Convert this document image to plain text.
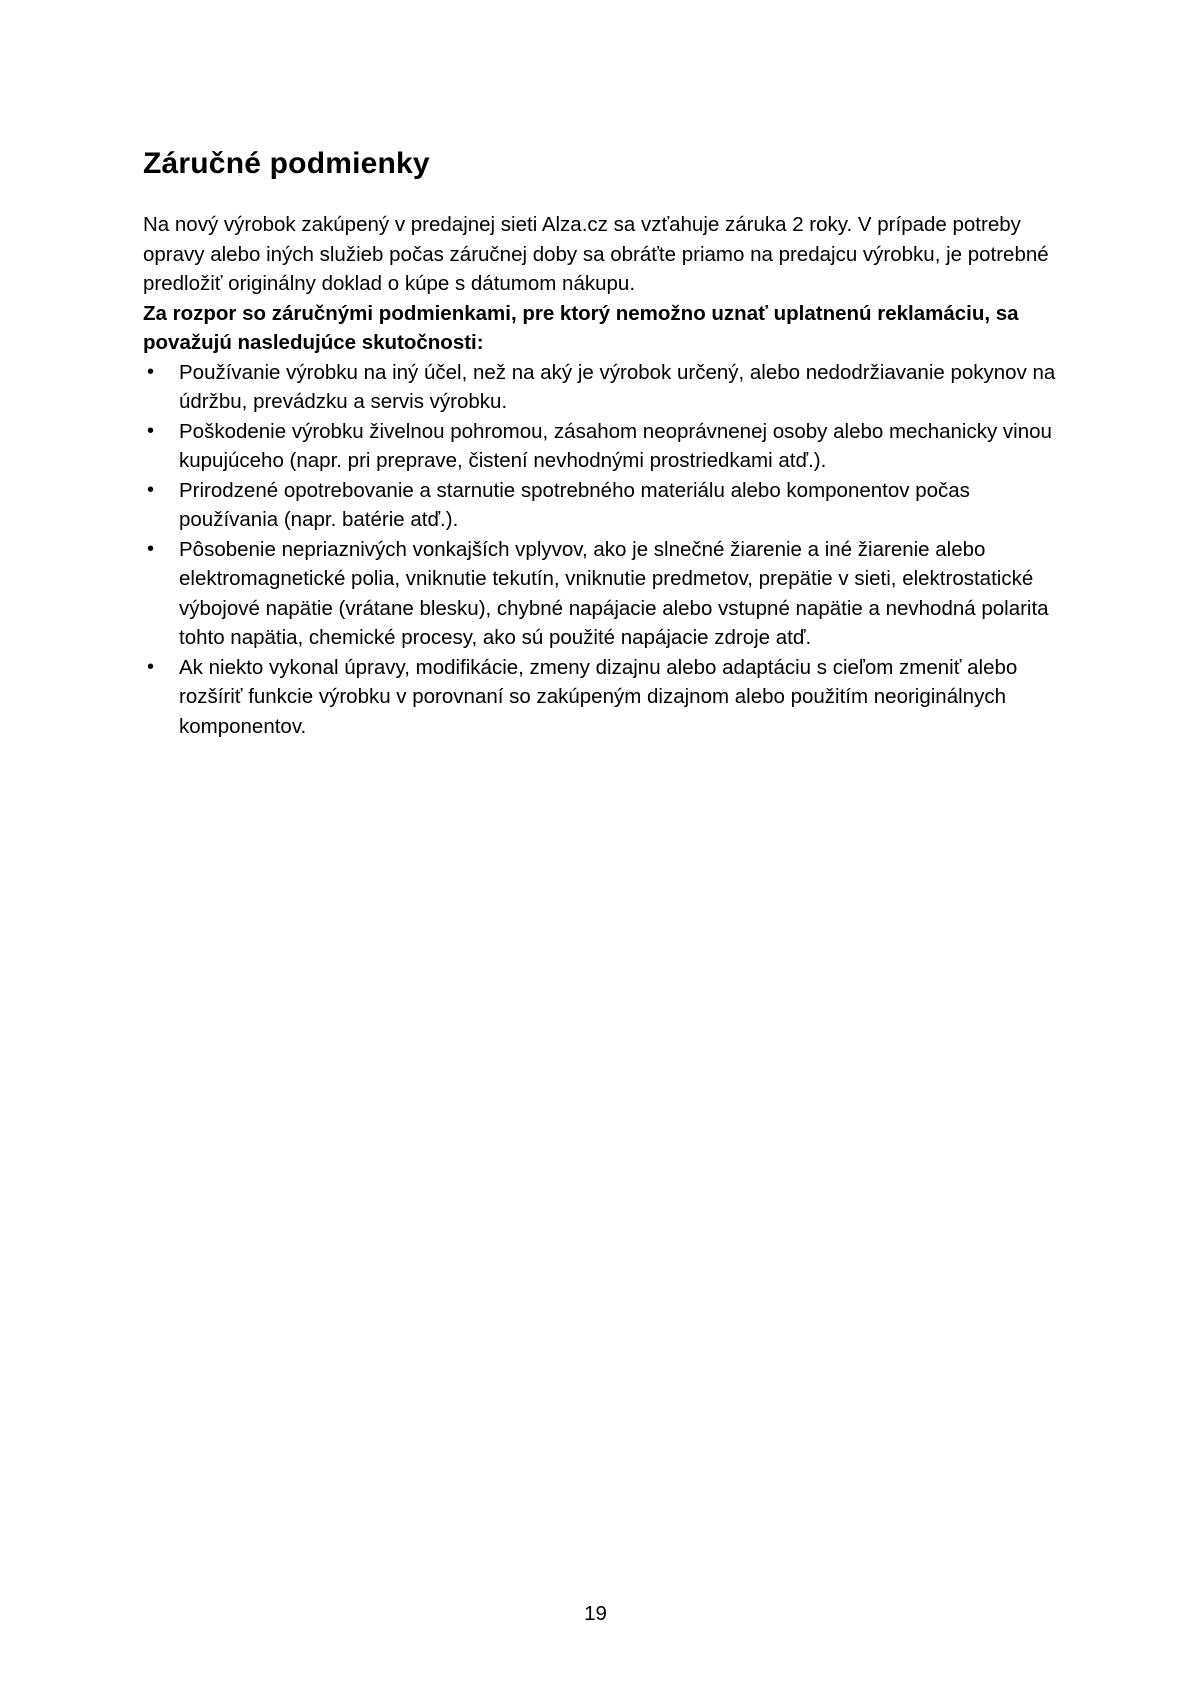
Záručné podmienky

Na nový výrobok zakúpený v predajnej sieti Alza.cz sa vzťahuje záruka 2 roky. V prípade potreby opravy alebo iných služieb počas záručnej doby sa obráťte priamo na predajcu výrobku, je potrebné predložiť originálny doklad o kúpe s dátumom nákupu.

Za rozpor so záručnými podmienkami, pre ktorý nemožno uznať uplatnenú reklamáciu, sa považujú nasledujúce skutočnosti:

•	Používanie výrobku na iný účel, než na aký je výrobok určený, alebo nedodržiavanie pokynov na údržbu, prevádzku a servis výrobku.
•	Poškodenie výrobku živelnou pohromou, zásahom neoprávnenej osoby alebo mechanicky vinou kupujúceho (napr. pri preprave, čistení nevhodnými prostriedkami atď.).
•	Prirodzené opotrebovanie a starnutie spotrebného materiálu alebo komponentov počas používania (napr. batérie atď.).
•	Pôsobenie nepriaznivých vonkajších vplyvov, ako je slnečné žiarenie a iné žiarenie alebo elektromagnetické polia, vniknutie tekutín, vniknutie predmetov, prepätie v sieti, elektrostatické výbojové napätie (vrátane blesku), chybné napájacie alebo vstupné napätie a nevhodná polarita tohto napätia, chemické procesy, ako sú použité napájacie zdroje atď.
•	Ak niekto vykonal úpravy, modifikácie, zmeny dizajnu alebo adaptáciu s cieľom zmeniť alebo rozšíriť funkcie výrobku v porovnaní so zakúpeným dizajnom alebo použitím neoriginálnych komponentov.
19
